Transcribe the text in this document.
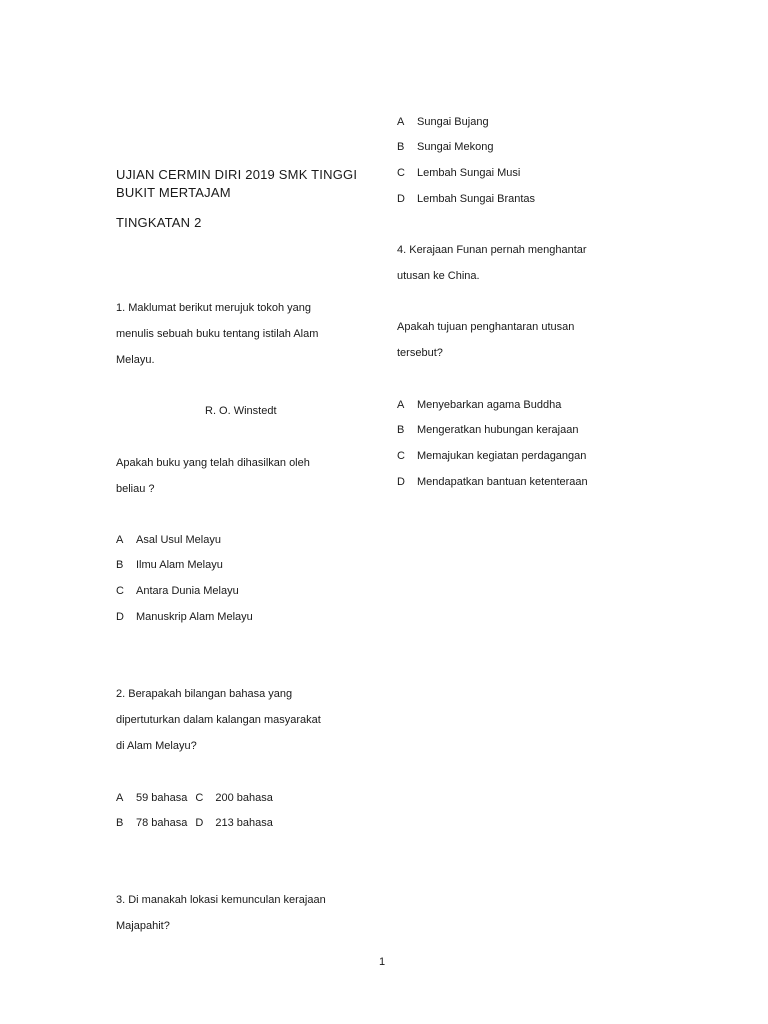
UJIAN CERMIN DIRI 2019 SMK TINGGI
BUKIT MERTAJAM
TINGKATAN 2
1. Maklumat berikut merujuk tokoh yang
menulis sebuah buku tentang istilah Alam
Melayu.
R. O. Winstedt
Apakah buku yang telah dihasilkan oleh
beliau ?
A Asal Usul Melayu
B Ilmu Alam Melayu
C Antara Dunia Melayu
D Manuskrip Alam Melayu
2. Berapakah bilangan bahasa yang
dipertuturkan dalam kalangan masyarakat
di Alam Melayu?
A 59 bahasa C 200 bahasa
B 78 bahasa D 213 bahasa
3. Di manakah lokasi kemunculan kerajaan
Majapahit?
A Sungai Bujang
B Sungai Mekong
C Lembah Sungai Musi
D Lembah Sungai Brantas
4. Kerajaan Funan pernah menghantar
utusan ke China.
Apakah tujuan penghantaran utusan
tersebut?
A Menyebarkan agama Buddha
B Mengeratkan hubungan kerajaan
C Memajukan kegiatan perdagangan
D Mendapatkan bantuan ketenteraan
1
